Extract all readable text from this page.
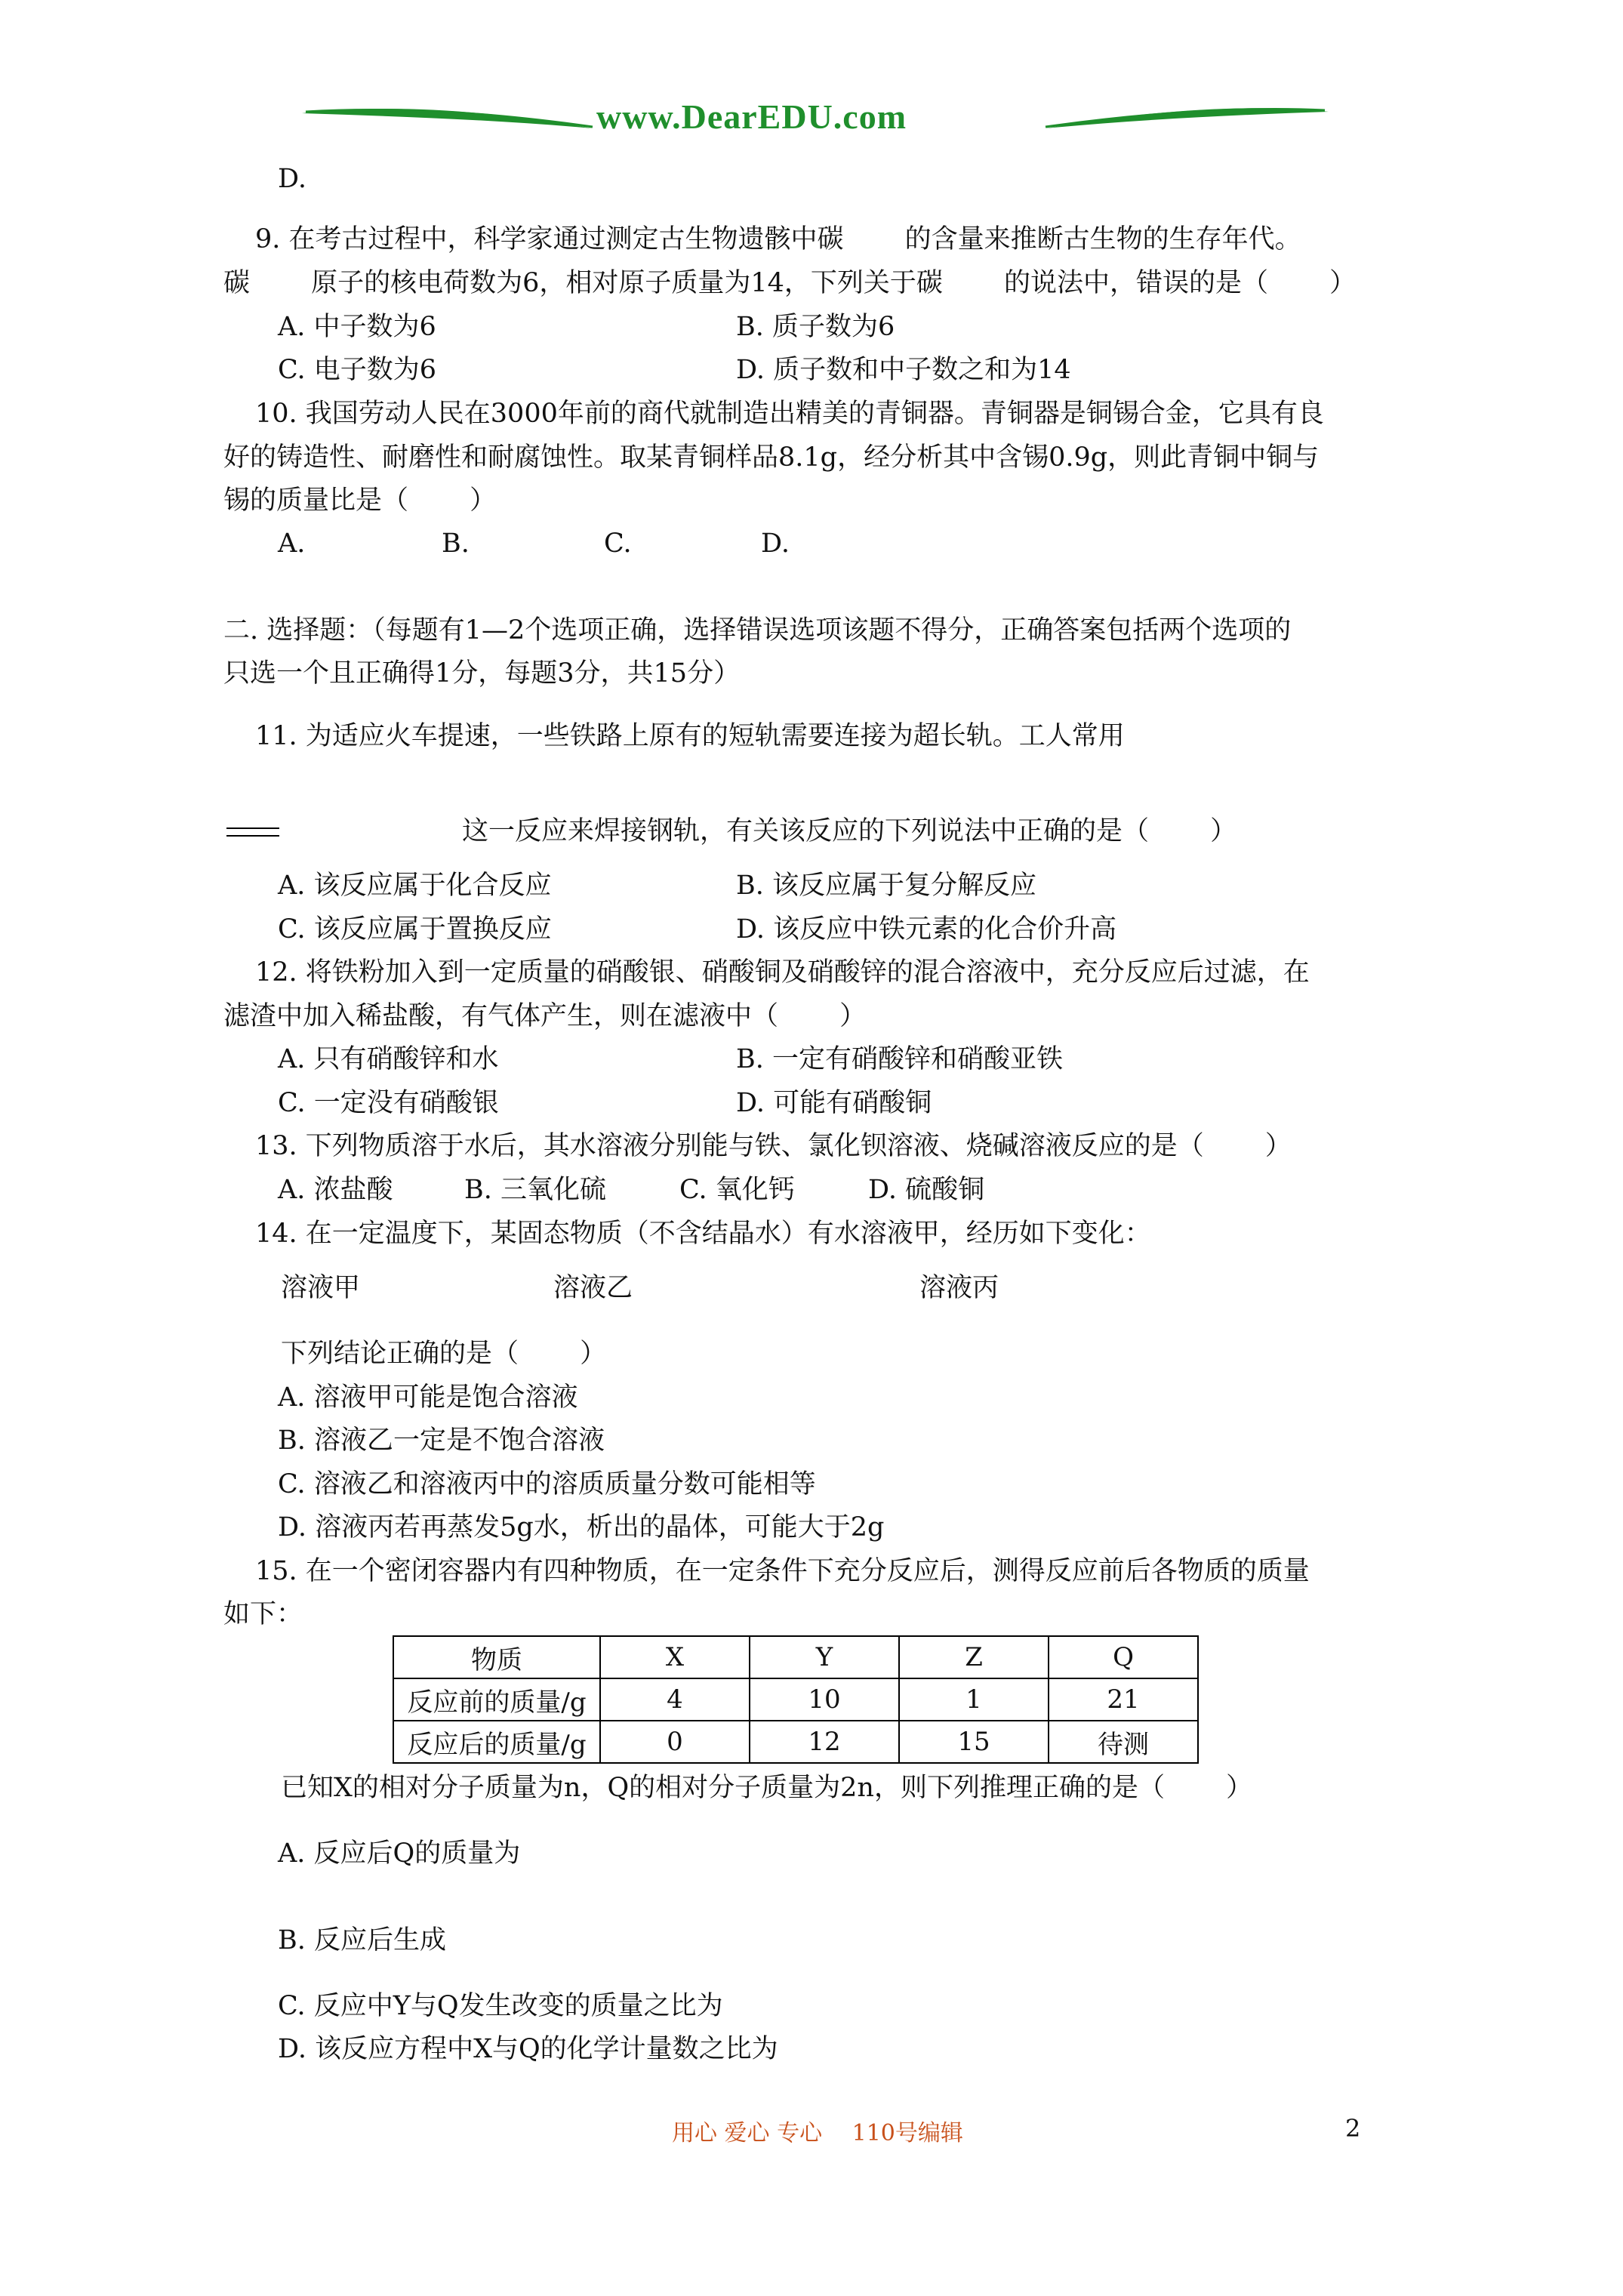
www.DearEDU.com
D.
9. 在考古过程中，科学家通过测定古生物遗骸中碳 　　的含量来推断古生物的生存年代。
碳 　　原子的核电荷数为6，相对原子质量为14，下列关于碳 　　的说法中，错误的是（ 　　）
A. 中子数为6	B. 质子数为6
C. 电子数为6	D. 质子数和中子数之和为14
10. 我国劳动人民在3000年前的商代就制造出精美的青铜器。青铜器是铜锡合金，它具有良
好的铸造性、耐磨性和耐腐蚀性。取某青铜样品8.1g，经分析其中含锡0.9g，则此青铜中铜与
锡的质量比是（ 　　）
A.	B.	C.	D.
二. 选择题：（每题有1—2个选项正确，选择错误选项该题不得分，正确答案包括两个选项的
只选一个且正确得1分，每题3分，共15分）
11. 为适应火车提速，一些铁路上原有的短轨需要连接为超长轨。工人常用
这一反应来焊接钢轨，有关该反应的下列说法中正确的是（ 　　）
A. 该反应属于化合反应	B. 该反应属于复分解反应
C. 该反应属于置换反应	D. 该反应中铁元素的化合价升高
12. 将铁粉加入到一定质量的硝酸银、硝酸铜及硝酸锌的混合溶液中，充分反应后过滤，在
滤渣中加入稀盐酸，有气体产生，则在滤液中（ 　　）
A. 只有硝酸锌和水	B. 一定有硝酸锌和硝酸亚铁
C. 一定没有硝酸银	D. 可能有硝酸铜
13. 下列物质溶于水后，其水溶液分别能与铁、氯化钡溶液、烧碱溶液反应的是（ 　　）
A. 浓盐酸	B. 三氧化硫	C. 氧化钙	D. 硫酸铜
14. 在一定温度下，某固态物质（不含结晶水）有水溶液甲，经历如下变化：
溶液甲	溶液乙	溶液丙
下列结论正确的是（ 　　）
A. 溶液甲可能是饱合溶液
B. 溶液乙一定是不饱合溶液
C. 溶液乙和溶液丙中的溶质质量分数可能相等
D. 溶液丙若再蒸发5g水，析出的晶体，可能大于2g
15. 在一个密闭容器内有四种物质，在一定条件下充分反应后，测得反应前后各物质的质量
如下：
物质	X	Y	Z	Q
反应前的质量/g	4	10	1	21
反应后的质量/g	0	12	15	待测
已知X的相对分子质量为n，Q的相对分子质量为2n，则下列推理正确的是（ 　　）
A. 反应后Q的质量为
B. 反应后生成
C. 反应中Y与Q发生改变的质量之比为
D. 该反应方程中X与Q的化学计量数之比为
用心 爱心 专心 　110号编辑	2
